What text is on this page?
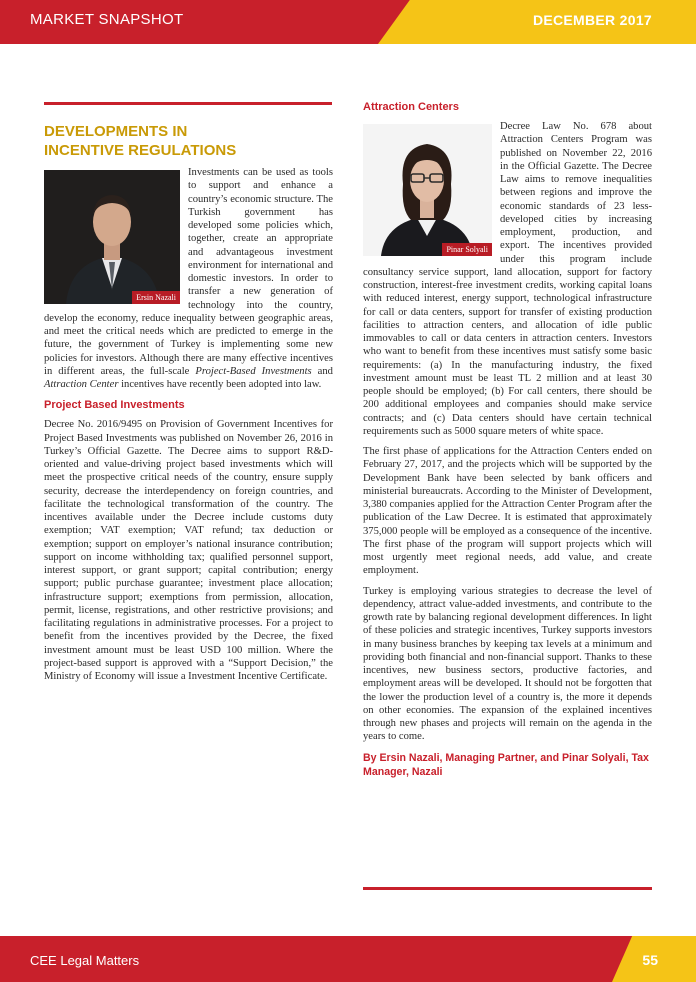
MARKET SNAPSHOT	DECEMBER 2017
DEVELOPMENTS IN
INCENTIVE REGULATIONS
Ersin Nazali

Investments can be used as tools to support and enhance a country’s economic structure. The Turkish government has developed some policies which, together, create an appropriate and advantageous investment environment for international and domestic investors. In order to transfer a new generation of technology into the country, develop the economy, reduce inequality between geographic areas, and meet the critical needs which are predicted to emerge in the future, the government of Turkey is implementing some new policies for investors. Although there are many effective incentives in different areas, the full-scale Project-Based Investments and Attraction Center incentives have recently been adopted into law.

Project Based Investments

Decree No. 2016/9495 on Provision of Government Incentives for Project Based Investments was published on November 26, 2016 in Turkey’s Official Gazette. The Decree aims to support R&D-oriented and value-driving project based investments which will meet the prospective critical needs of the country, ensure supply security, decrease the interdependency on foreign countries, and facilitate the technological transformation of the country. The incentives available under the Decree include customs duty exemption; VAT exemption; VAT refund; tax deduction or exemption; support on employer’s national insurance contribution; support on income withholding tax; qualified personnel support, interest support, or grant support; capital contribution; energy support; public purchase guarantee; investment place allocation; infrastructure support; exemptions from permission, allocation, permit, license, registrations, and other restrictive provisions; and facilitating regulations in administrative processes. For a project to benefit from the incentives provided by the Decree, the fixed investment amount must be least USD 100 million. Where the project-based support is approved with a “Support Decision,” the Ministry of Economy will issue a Investment Incentive Certificate.

Attraction Centers
Pinar Solyali

Decree Law No. 678 about Attraction Centers Program was published on November 22, 2016 in the Official Gazette. The Decree Law aims to remove inequalities between regions and improve the economic standards of 23 less-developed cities by increasing employment, production, and export. The incentives provided under this program include consultancy service support, land allocation, support for factory construction, interest-free investment credits, working capital loans with reduced interest, energy support, technological infrastructure for call or data centers, support for transfer of existing production facilities to attraction centers, and allocation of idle public immovables to call or data centers in attraction centers. Investors who want to benefit from these incentives must satisfy some basic requirements: (a) In the manufacturing industry, the fixed investment amount must be least TL 2 million and at least 30 people should be employed; (b) For call centers, there should be 200 additional employees and companies should make service contracts; and (c) Data centers should have certain technical requirements such as 5000 square meters of white space.

The first phase of applications for the Attraction Centers ended on February 27, 2017, and the projects which will be supported by the Development Bank have been selected by bank officers and ministerial bureaucrats. According to the Minister of Development, 3,380 companies applied for the Attraction Center Program after the publication of the Law Decree. It is estimated that approximately 375,000 people will be employed as a consequence of the incentive. The first phase of the program will support projects which will most urgently meet regional needs, add value, and create employment.

Turkey is employing various strategies to decrease the level of dependency, attract value-added investments, and contribute to the growth rate by balancing regional development differences. In light of these policies and strategic incentives, Turkey supports investors in many business branches by keeping tax levels at a minimum and providing both financial and non-financial support. Thanks to these incentives, new business sectors, productive factories, and employment areas will be developed. It should not be forgotten that the lower the production level of a country is, the more it depends on other economies. The expansion of the explained incentives through new phases and projects will remain on the agenda in the years to come.

By Ersin Nazali, Managing Partner, and Pinar Solyali, Tax Manager, Nazali
CEE Legal Matters	55
